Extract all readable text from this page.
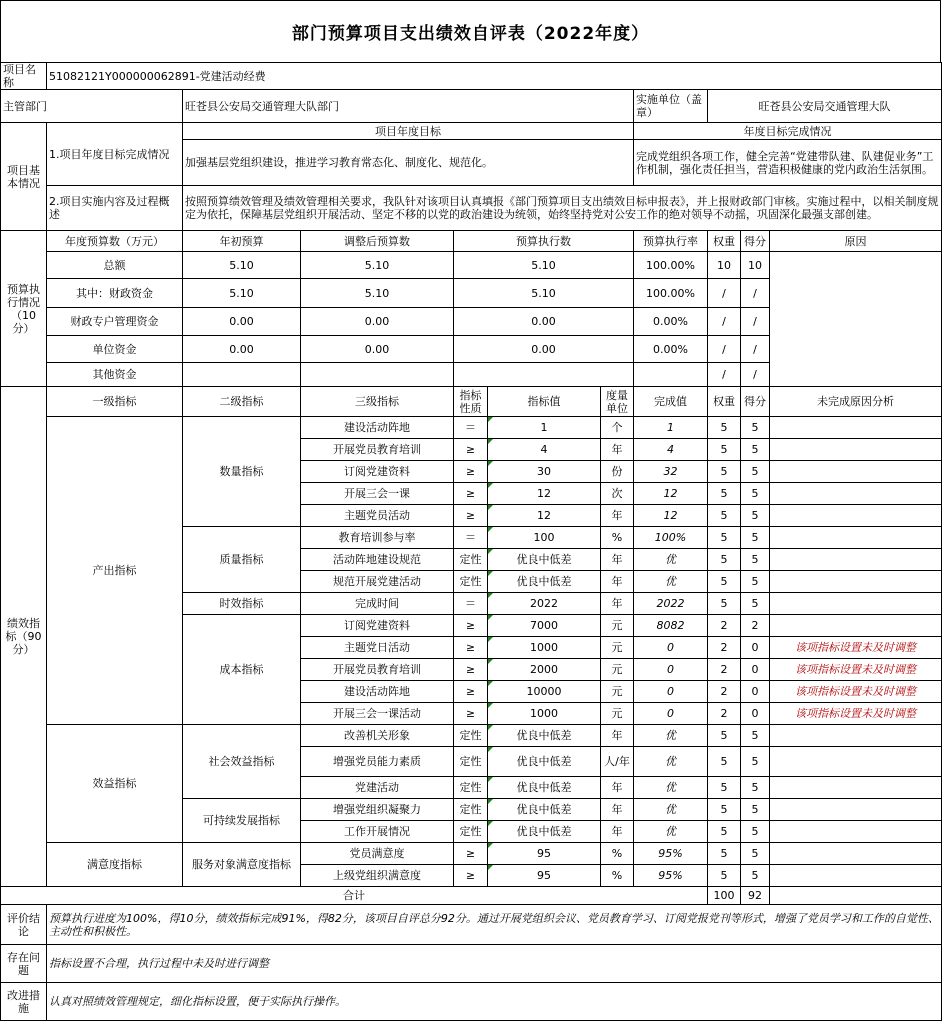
部门预算项目支出绩效自评表（2022年度）
项目名称	51082121Y000000062891-党建活动经费									
主管部门		旺苍县公安局交通管理大队部门					实施单位（盖章）	旺苍县公安局交通管理大队		
项目基本情况	1.项目年度目标完成情况	项目年度目标					年度目标完成情况			
		加强基层党组织建设，推进学习教育常态化、制度化、规范化。					完成党组织各项工作，健全完善“党建带队建、队建促业务”工作机制，强化责任担当，营造积极健康的党内政治生活氛围。			
	2.项目实施内容及过程概述	按照预算绩效管理及绩效管理相关要求，我队针对该项目认真填报《部门预算项目支出绩效目标申报表》，并上报财政部门审核。实施过程中，以相关制度规定为依托，保障基层党组织开展活动、坚定不移的以党的政治建设为统领，始终坚持党对公安工作的绝对领导不动摇，巩固深化最强支部创建。								
预算执行情况（10分）	年度预算数（万元）	年初预算	调整后预算数	预算执行数			预算执行率	权重	得分	原因
	总额	5.10	5.10	5.10			100.00%	10	10	
	其中：财政资金	5.10	5.10	5.10			100.00%	/	/	
	财政专户管理资金	0.00	0.00	0.00			0.00%	/	/	
	单位资金	0.00	0.00	0.00			0.00%	/	/	
	其他资金							/	/	
绩效指标（90分）	一级指标	二级指标	三级指标	指标性质	指标值	度量单位	完成值	权重	得分	未完成原因分析
	产出指标	数量指标	建设活动阵地	＝	1	个	1	5	5	
			开展党员教育培训	≥	4	年	4	5	5	
			订阅党建资料	≥	30	份	32	5	5	
			开展三会一课	≥	12	次	12	5	5	
			主题党员活动	≥	12	年	12	5	5	
		质量指标	教育培训参与率	＝	100	%	100%	5	5	
			活动阵地建设规范	定性	优良中低差	年	优	5	5	
			规范开展党建活动	定性	优良中低差	年	优	5	5	
		时效指标	完成时间	＝	2022	年	2022	5	5	
		成本指标	订阅党建资料	≥	7000	元	8082	2	2	
			主题党日活动	≥	1000	元	0	2	0	该项指标设置未及时调整
			开展党员教育培训	≥	2000	元	0	2	0	该项指标设置未及时调整
			建设活动阵地	≥	10000	元	0	2	0	该项指标设置未及时调整
			开展三会一课活动	≥	1000	元	0	2	0	该项指标设置未及时调整
	效益指标	社会效益指标	改善机关形象	定性	优良中低差	年	优	5	5	
			增强党员能力素质	定性	优良中低差	人/年	优	5	5	
			党建活动	定性	优良中低差	年	优	5	5	
		可持续发展指标	增强党组织凝聚力	定性	优良中低差	年	优	5	5	
			工作开展情况	定性	优良中低差	年	优	5	5	
	满意度指标	服务对象满意度指标	党员满意度	≥	95	%	95%	5	5	
			上级党组织满意度	≥	95	%	95%	5	5	
合计								100	92	
评价结论	预算执行进度为100%，得10分，绩效指标完成91%，得82分，该项目自评总分92分。通过开展党组织会议、党员教育学习、订阅党报党刊等形式，增强了党员学习和工作的自觉性、主动性和积极性。									
存在问题	指标设置不合理，执行过程中未及时进行调整									
改进措施	认真对照绩效管理规定，细化指标设置，便于实际执行操作。									
